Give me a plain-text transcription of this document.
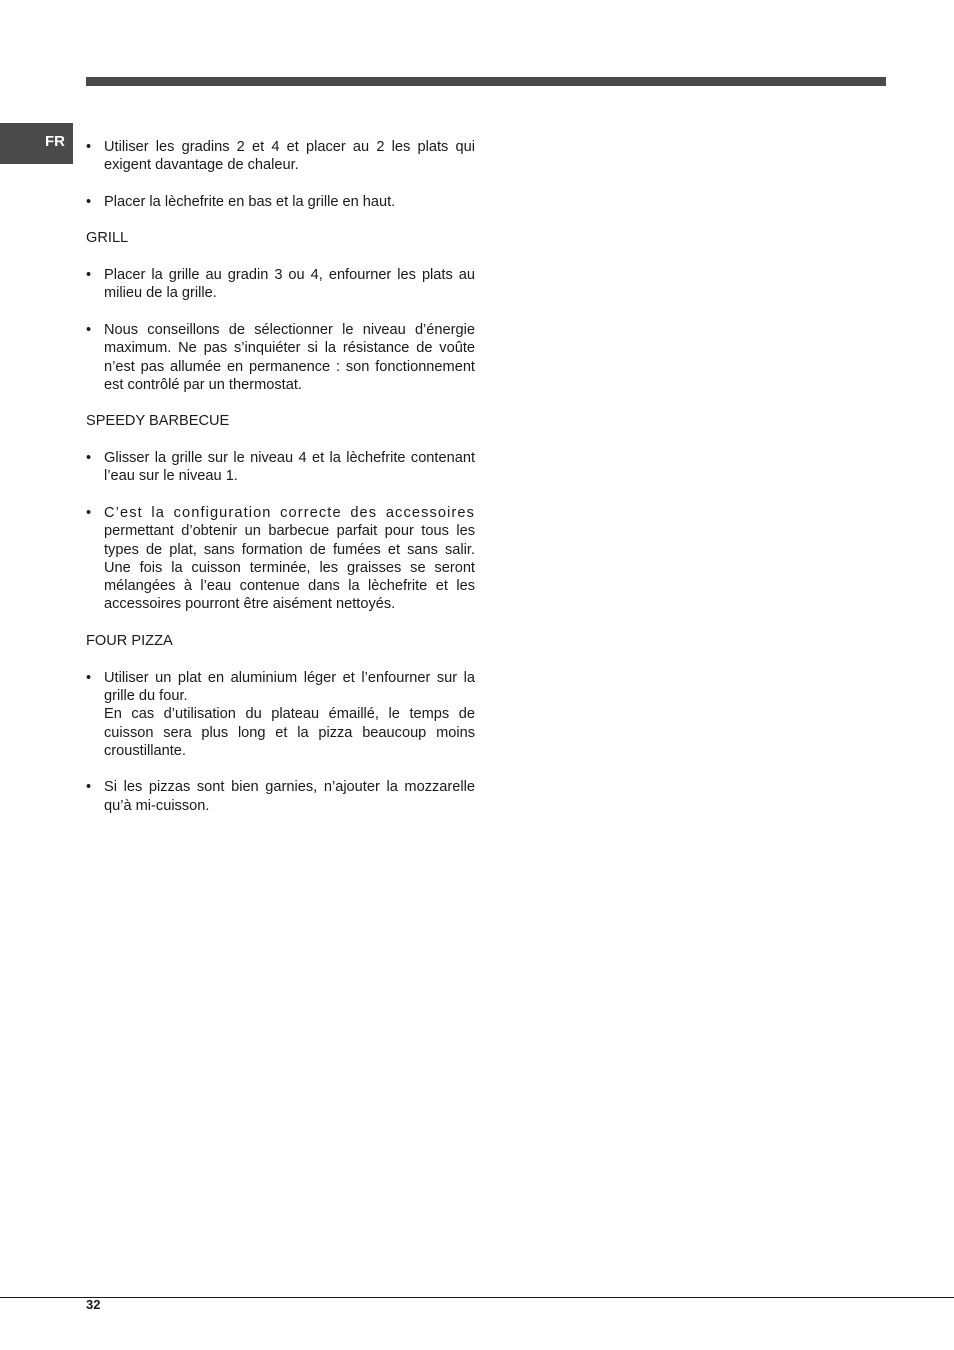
FR	• Utiliser les gradins 2 et 4 et placer au 2 les plats qui exigent davantage de chaleur.
• Placer la lèchefrite en bas et la grille en haut.
GRILL
• Placer la grille au gradin 3 ou 4, enfourner les plats au milieu de la grille.
• Nous conseillons de sélectionner le niveau d’énergie maximum. Ne pas s’inquiéter si la résistance de voûte n’est pas allumée en permanence : son fonctionnement est contrôlé par un thermostat.
SPEEDY BARBECUE
• Glisser la grille sur le niveau 4 et la lèchefrite contenant l’eau sur le niveau 1.
• C’est la configuration correcte des accessoires permettant d’obtenir un barbecue parfait pour tous les types de plat, sans formation de fumées et sans salir. Une fois la cuisson terminée, les graisses se seront mélangées à l’eau contenue dans la lèchefrite et les accessoires pourront être aisément nettoyés.
FOUR PIZZA
• Utiliser un plat en aluminium léger et l’enfourner sur la grille du four.
En cas d’utilisation du plateau émaillé, le temps de cuisson sera plus long et la pizza beaucoup moins croustillante.
• Si les pizzas sont bien garnies, n’ajouter la mozzarelle qu’à mi-cuisson.
32
